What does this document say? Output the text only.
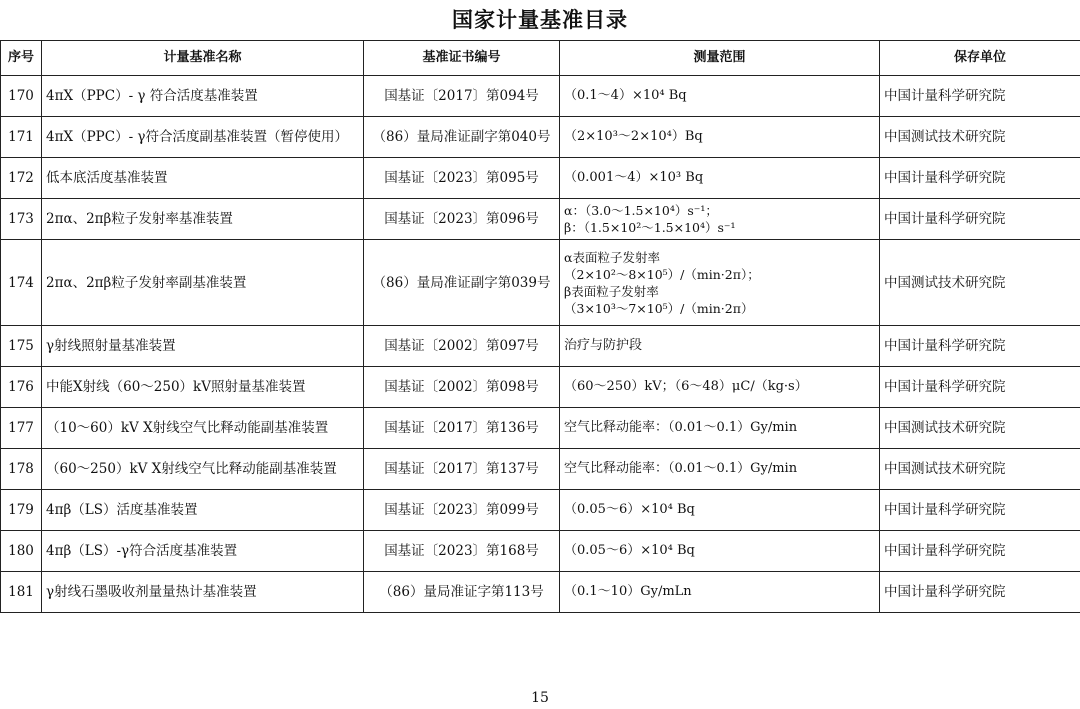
国家计量基准目录
序号	计量基准名称	基准证书编号	测量范围	保存单位
170	4πX（PPC）- γ 符合活度基准装置	国基证〔2017〕第094号	（0.1～4）×10⁴ Bq	中国计量科学研究院
171	4πX（PPC）- γ符合活度副基准装置（暂停使用）	（86）量局准证副字第040号	（2×10³～2×10⁴）Bq	中国测试技术研究院
172	低本底活度基准装置	国基证〔2023〕第095号	（0.001～4）×10³ Bq	中国计量科学研究院
173	2πα、2πβ粒子发射率基准装置	国基证〔2023〕第096号	α：（3.0～1.5×10⁴）s⁻¹；
β：（1.5×10²～1.5×10⁴）s⁻¹	中国计量科学研究院
174	2πα、2πβ粒子发射率副基准装置	（86）量局准证副字第039号	α表面粒子发射率
（2×10²～8×10⁵）/（min·2π）；
β表面粒子发射率
（3×10³～7×10⁵）/（min·2π）	中国测试技术研究院
175	γ射线照射量基准装置	国基证〔2002〕第097号	治疗与防护段	中国计量科学研究院
176	中能X射线（60～250）kV照射量基准装置	国基证〔2002〕第098号	（60～250）kV；（6～48）μC/（kg·s）	中国计量科学研究院
177	（10～60）kV X射线空气比释动能副基准装置	国基证〔2017〕第136号	空气比释动能率：（0.01～0.1）Gy/min	中国测试技术研究院
178	（60～250）kV X射线空气比释动能副基准装置	国基证〔2017〕第137号	空气比释动能率：（0.01～0.1）Gy/min	中国测试技术研究院
179	4πβ（LS）活度基准装置	国基证〔2023〕第099号	（0.05～6）×10⁴ Bq	中国计量科学研究院
180	4πβ（LS）-γ符合活度基准装置	国基证〔2023〕第168号	（0.05～6）×10⁴ Bq	中国计量科学研究院
181	γ射线石墨吸收剂量量热计基准装置	（86）量局准证字第113号	（0.1～10）Gy/mLn	中国计量科学研究院
15
